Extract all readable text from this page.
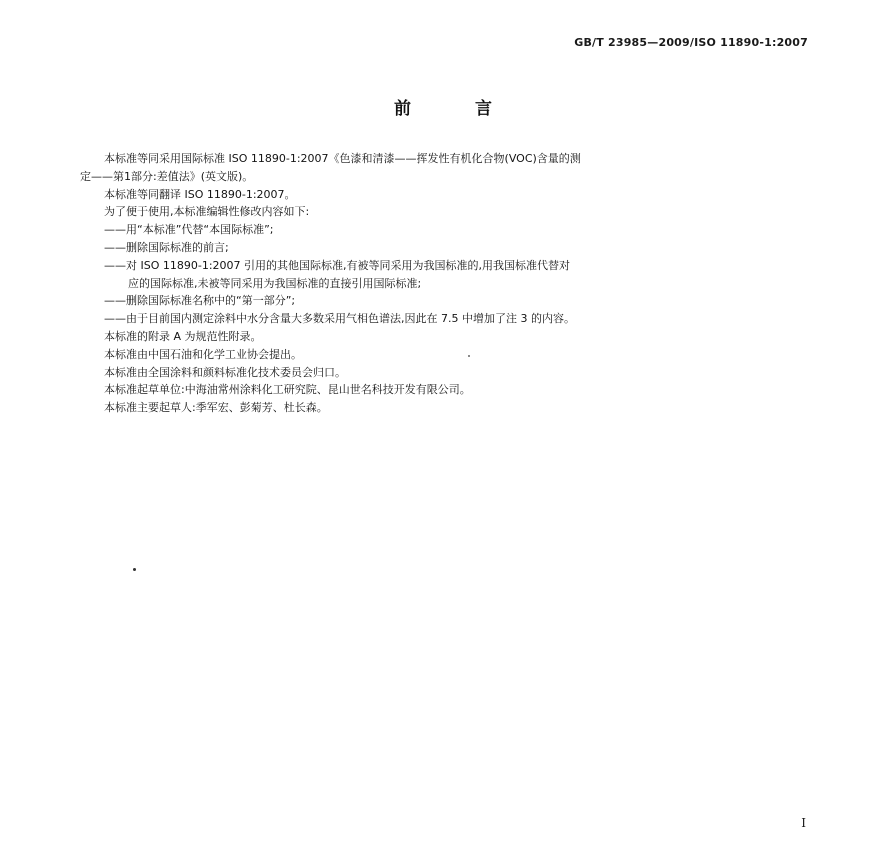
GB/T 23985—2009/ISO 11890-1:2007
前言

本标准等同采用国际标准 ISO 11890-1:2007《色漆和清漆——挥发性有机化合物(VOC)含量的测

定——第1部分:差值法》(英文版)。

本标准等同翻译 ISO 11890-1:2007。

为了便于使用,本标准编辑性修改内容如下:

——用“本标准”代替“本国际标准”;

——删除国际标准的前言;

——对 ISO 11890-1:2007 引用的其他国际标准,有被等同采用为我国标准的,用我国标准代替对

应的国际标准,未被等同采用为我国标准的直接引用国际标准;

——删除国际标准名称中的“第一部分”;

——由于目前国内测定涂料中水分含量大多数采用气相色谱法,因此在 7.5 中增加了注 3 的内容。

本标准的附录 A 为规范性附录。

本标准由中国石油和化学工业协会提出。

本标准由全国涂料和颜料标准化技术委员会归口。

本标准起草单位:中海油常州涂料化工研究院、昆山世名科技开发有限公司。

本标准主要起草人:季军宏、彭菊芳、杜长森。

I
